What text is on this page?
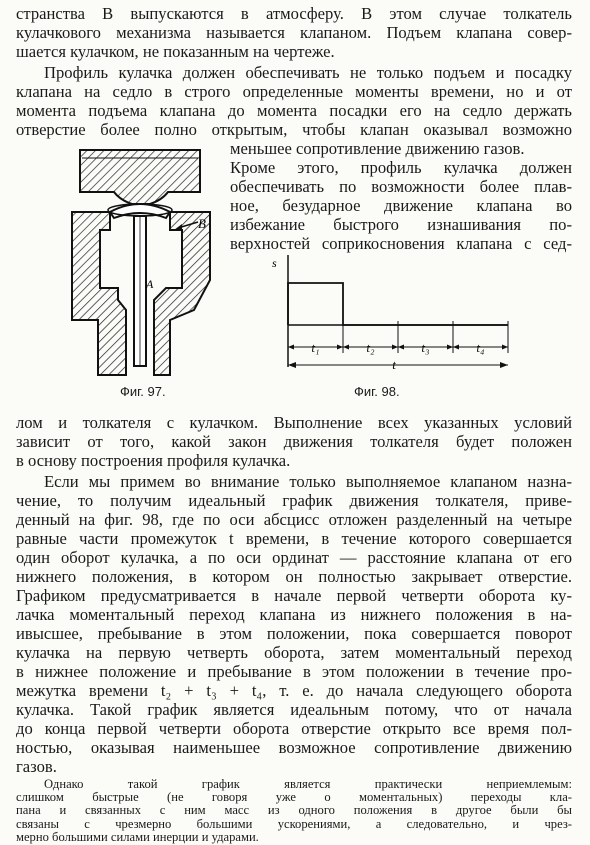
странства B выпускаются в атмосферу. В этом случае толкатель
кулачкового механизма называется клапаном. Подъем клапана совер-
шается кулачком, не показанным на чертеже.
Профиль кулачка должен обеспечивать не только подъем и посадку
клапана на седло в строго определенные моменты времени, но и от
момента подъема клапана до момента посадки его на седло держать
отверстие более полно открытым, чтобы клапан оказывал возможно
меньшее сопротивление движению газов.
Кроме этого, профиль кулачка должен
обеспечивать по возможности более плав-
ное, безударное движение клапана во
избежание быстрого изнашивания по-
верхностей соприкосновения клапана с сед-
B
A
Фиг. 97.
s
t₁	t₂	t₃	t₄
t
Фиг. 98.
лом и толкателя с кулачком. Выполнение всех указанных условий
зависит от того, какой закон движения толкателя будет положен
в основу построения профиля кулачка.
Если мы примем во внимание только выполняемое клапаном назна-
чение, то получим идеальный график движения толкателя, приве-
денный на фиг. 98, где по оси абсцисс отложен разделенный на четыре
равные части промежуток t времени, в течение которого совершается
один оборот кулачка, а по оси ординат — расстояние клапана от его
нижнего положения, в котором он полностью закрывает отверстие.
Графиком предусматривается в начале первой четверти оборота ку-
лачка моментальный переход клапана из нижнего положения в на-
ивысшее, пребывание в этом положении, пока совершается поворот
кулачка на первую четверть оборота, затем моментальный переход
в нижнее положение и пребывание в этом положении в течение про-
межутка времени t₂ + t₃ + t₄, т. е. до начала следующего оборота
кулачка. Такой график является идеальным потому, что от начала
до конца первой четверти оборота отверстие открыто все время пол-
ностью, оказывая наименьшее возможное сопротивление движению
газов.
Однако такой график является практически неприемлемым:
слишком быстрые (не говоря уже о моментальных) переходы кла-
пана и связанных с ним масс из одного положения в другое были бы
связаны с чрезмерно большими ускорениями, а следовательно, и чрез-
мерно большими силами инерции и ударами.
